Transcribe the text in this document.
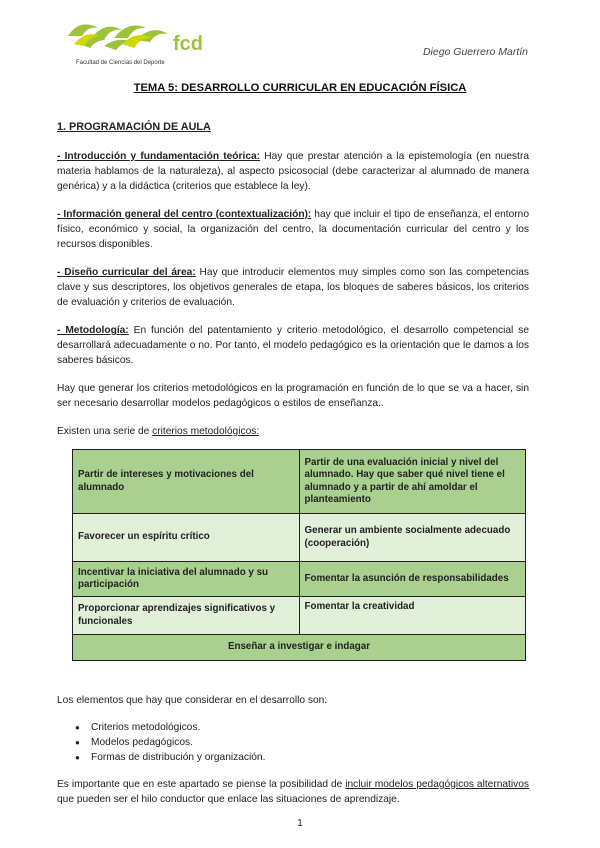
fcd
Facultad de Ciencias del Deporte
Diego Guerrero Martín
TEMA 5: DESARROLLO CURRICULAR EN EDUCACIÓN FÍSICA
1. PROGRAMACIÓN DE AULA

- Introducción y fundamentación teórica: Hay que prestar atención a la epistemología (en nuestra materia hablamos de la naturaleza), al aspecto psicosocial (debe caracterizar al alumnado de manera genérica) y a la didáctica (criterios que establece la ley).

- Información general del centro (contextualización): hay que incluir el tipo de enseñanza, el entorno físico, económico y social, la organización del centro, la documentación curricular del centro y los recursos disponibles.

- Diseño curricular del área: Hay que introducir elementos muy simples como son las competencias clave y sus descriptores, los objetivos generales de etapa, los bloques de saberes básicos, los criterios de evaluación y criterios de evaluación.

- Metodología: En función del patentamiento y criterio metodológico, el desarrollo competencial se desarrollará adecuadamente o no. Por tanto, el modelo pedagógico es la orientación que le damos a los saberes básicos.

Hay que generar los criterios metodológicos en la programación en función de lo que se va a hacer, sin ser necesario desarrollar modelos pedagógicos o estilos de enseñanza..

Existen una serie de criterios metodológicos:

Partir de intereses y motivaciones del alumnado	Partir de una evaluación inicial y nivel del alumnado. Hay que saber qué nivel tiene el alumnado y a partir de ahí amoldar el planteamiento
Favorecer un espíritu crítico	Generar un ambiente socialmente adecuado (cooperación)
Incentivar la iniciativa del alumnado y su participación	Fomentar la asunción de responsabilidades
Proporcionar aprendizajes significativos y funcionales	Fomentar la creatividad
Enseñar a investigar e indagar	

Los elementos que hay que considerar en el desarrollo son:

● Criterios metodológicos.
● Modelos pedagógicos.
● Formas de distribución y organización.

Es importante que en este apartado se piense la posibilidad de incluir modelos pedagógicos alternativos que pueden ser el hilo conductor que enlace las situaciones de aprendizaje.

1
